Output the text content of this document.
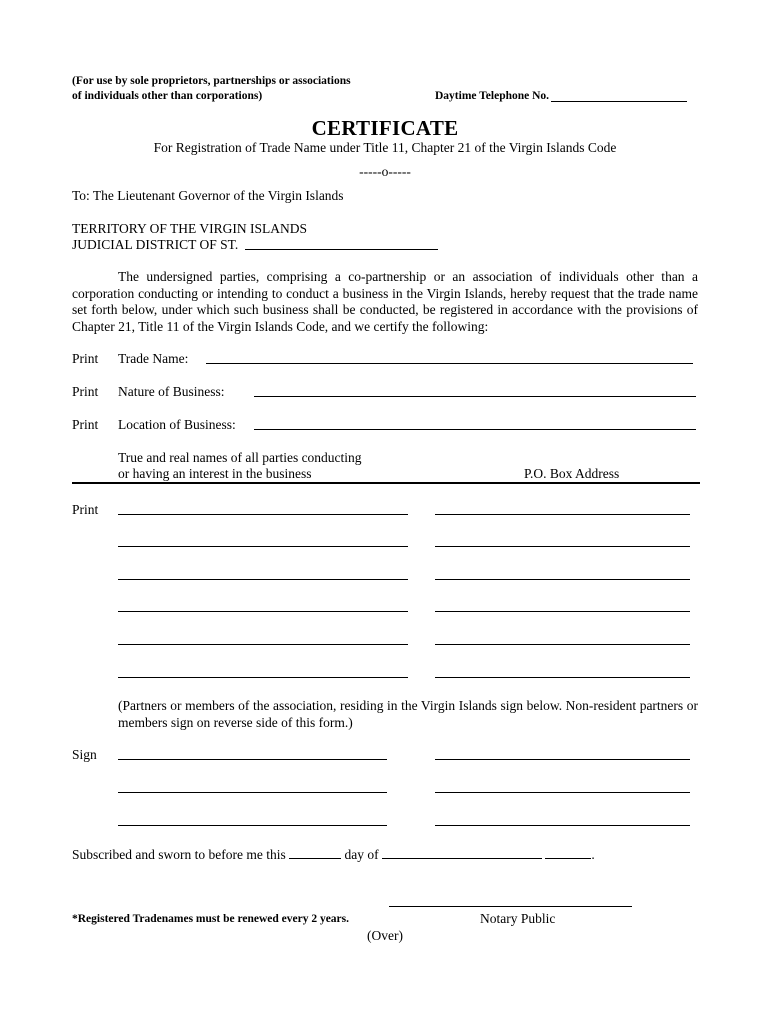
(For use by sole proprietors, partnerships or associations
of individuals other than corporations)	Daytime Telephone No.
CERTIFICATE
For Registration of Trade Name under Title 11, Chapter 21 of the Virgin Islands Code
-----o-----
To: The Lieutenant Governor of the Virgin Islands
TERRITORY OF THE VIRGIN ISLANDS
JUDICIAL DISTRICT OF ST.
The undersigned parties, comprising a co-partnership or an association of individuals other than a corporation conducting or intending to conduct a business in the Virgin Islands, hereby request that the trade name set forth below, under which such business shall be conducted, be registered in accordance with the provisions of Chapter 21, Title 11 of the Virgin Islands Code, and we certify the following:
Print Trade Name:
Print Nature of Business:
Print Location of Business:
True and real names of all parties conducting
or having an interest in the business	P.O. Box Address
Print
(Partners or members of the association, residing in the Virgin Islands sign below. Non-resident partners or members sign on reverse side of this form.)
Sign
Subscribed and sworn to before me this	day of	.
*Registered Tradenames must be renewed every 2 years.	Notary Public
(Over)
